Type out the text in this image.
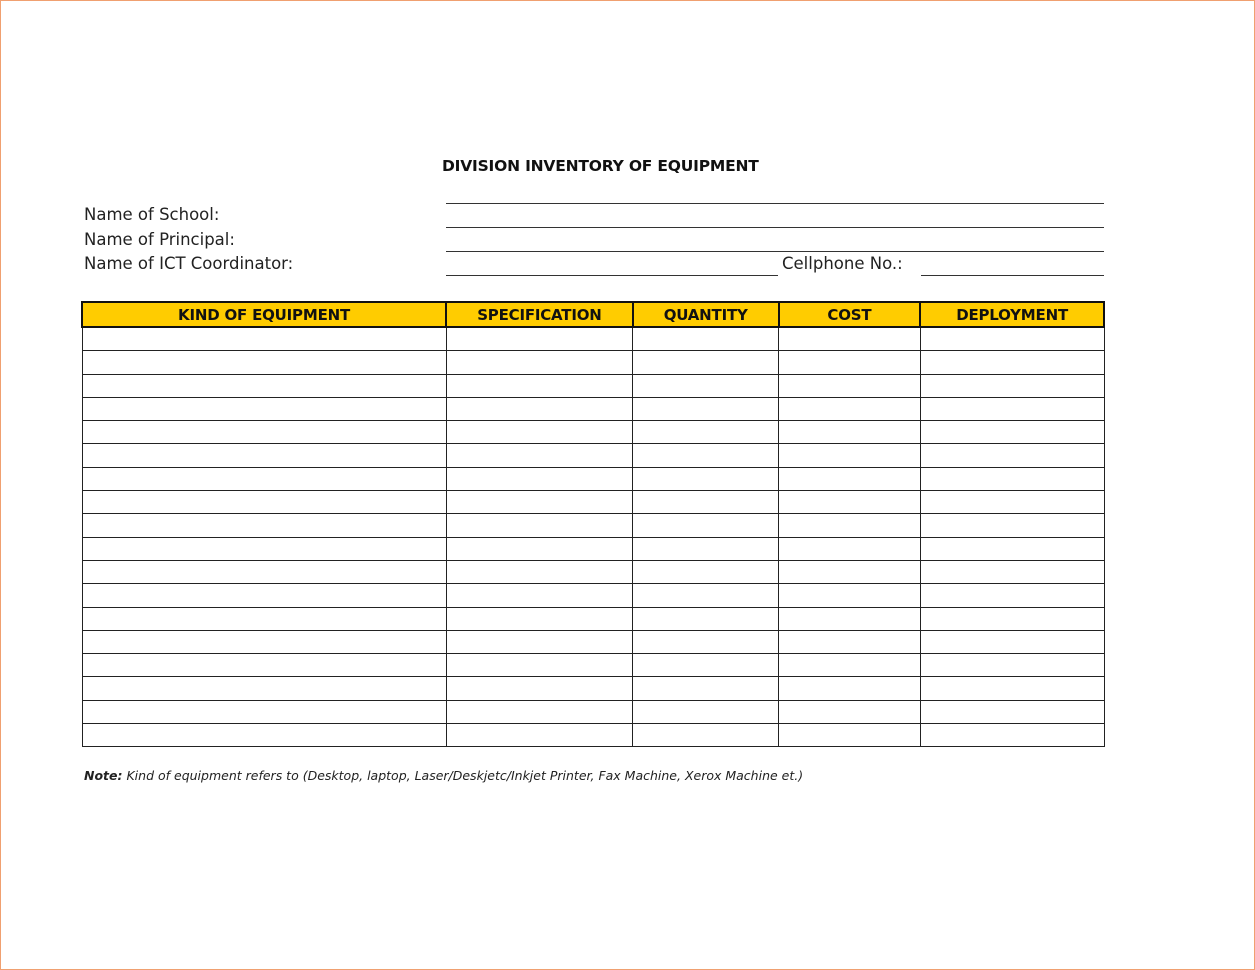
DIVISION INVENTORY OF EQUIPMENT
Name of School:
Name of Principal:
Name of ICT Coordinator:	Cellphone No.:
KIND OF EQUIPMENT	SPECIFICATION	QUANTITY	COST	DEPLOYMENT

Note: Kind of equipment refers to (Desktop, laptop, Laser/Deskjetc/Inkjet Printer, Fax Machine, Xerox Machine et.)
